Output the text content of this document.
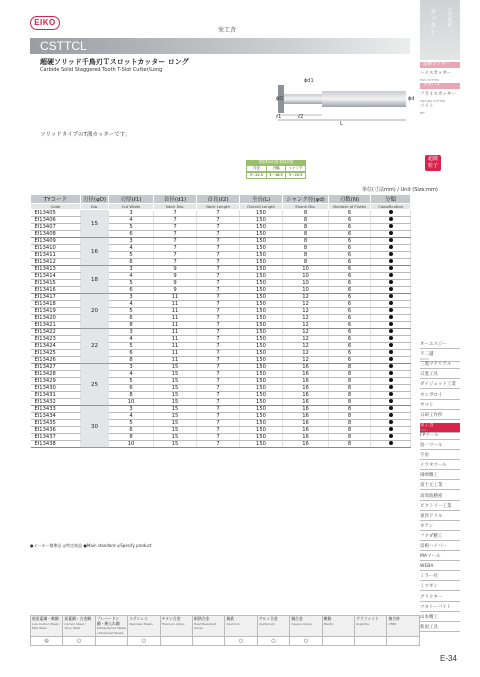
EIKO
栄工舎
CSTTCL
超硬ソリッド千鳥刃Ｔスロットカッター ロング
Carbide Solid Staggered Tooth T-Slot Cutter/Long
ソリッドタイプのT溝カッターです。
ϕD
ϕd1
ϕd
ℓ1	ℓ2
L
カッター	CUTTERS
超硬カッター
ハイスカッター
HSS CUTTER
ブローチ
フライスカッター
MILLING CUTTER
バイト
BIT
被削材(M)別 推奨切削
刃径	刃幅	シャンク
3～22.5	3～16.5	3～22.5
超微
粒子
単位(寸法mm) / Unit (Size:mm)
TYコード	刃径(φD)	刃厚(ℓ1)	首径(d1)	首長(ℓ2)	全長(L)	シャンク径(φd)	刃数(N)	分類
Code	Dia.	Cut Width	Neck Dia.	Neck Length	Overall Length	Shank Dia.	Number of Flutes	Classification
EI13405	15	3	7	7	150	8	6	
EI13406		4	7	7	150	8	6	
EI13407		5	7	7	150	8	6	
EI13408		6	7	7	150	8	6	
EI13409	16	3	7	7	150	8	6	
EI13410		4	7	7	150	8	6	
EI13411		5	7	7	150	8	6	
EI13412		6	7	7	150	8	6	
EI13413	18	3	9	7	150	10	6	
EI13414		4	9	7	150	10	6	
EI13415		5	9	7	150	10	6	
EI13416		6	9	7	150	10	6	
EI13417	20	3	11	7	150	12	6	
EI13418		4	11	7	150	12	6	
EI13419		5	11	7	150	12	6	
EI13420		6	11	7	150	12	6	
EI13421		8	11	7	150	12	6	
EI13422	22	3	11	7	150	12	6	
EI13423		4	11	7	150	12	6	
EI13424		5	11	7	150	12	6	
EI13425		6	11	7	150	12	6	
EI13426		8	11	7	150	12	6	
EI13427	25	3	15	7	150	16	8	
EI13428		4	15	7	150	16	8	
EI13429		5	15	7	150	16	8	
EI13430		6	15	7	150	16	8	
EI13431		8	15	7	150	16	8	
EI13432		10	15	7	150	16	8	
EI13433	30	3	15	7	150	16	8	
EI13434		4	15	7	150	16	8	
EI13435		5	15	7	150	16	8	
EI13436		6	15	7	150	16	8	
EI13437		8	15	7	150	16	8	
EI13438		10	15	7	150	16	8	
●メーカー標準品 ◎特定商品 ●Main standard ◎Specify product
オーエスジー
不二越
NACHI
三菱マテリアル
日進工具
ダイジェット工業
タンガロイ
ヤマト
日研工作所
栄工舎
EIKO
FPツール
島一ツール
宇宙
イワタツール
岡崎精工
富士元工業
高周波精密
ビクトリー工業
東洋ドリル
ギケン
フクダ精工
彦根ハイパー
MAツール
WEBA
ミラー社
ミツギン
グリクター
ツヨトーバイト
山本精工
新潟工具
低炭素鋼・軟鋼
Low Carbon Steel / Mild Steel	炭素鋼・合金鋼
Carbon Steel / Alloy Steel	プレハードン鋼・焼入れ鋼
Prehardened Steels / Hardened Steels	ステンレス
Stainless Steels	チタン合金
Titanium Alloys	耐熱合金
Heat Resistant Alloys	鋳鉄
Cast Iron	アルミ合金
Aluminium	銅合金
Copper Alloys	樹脂
Plastic	グラファイト
Graphite	複合材
CFRP

◎	○		○			○	○	○			
E-34
